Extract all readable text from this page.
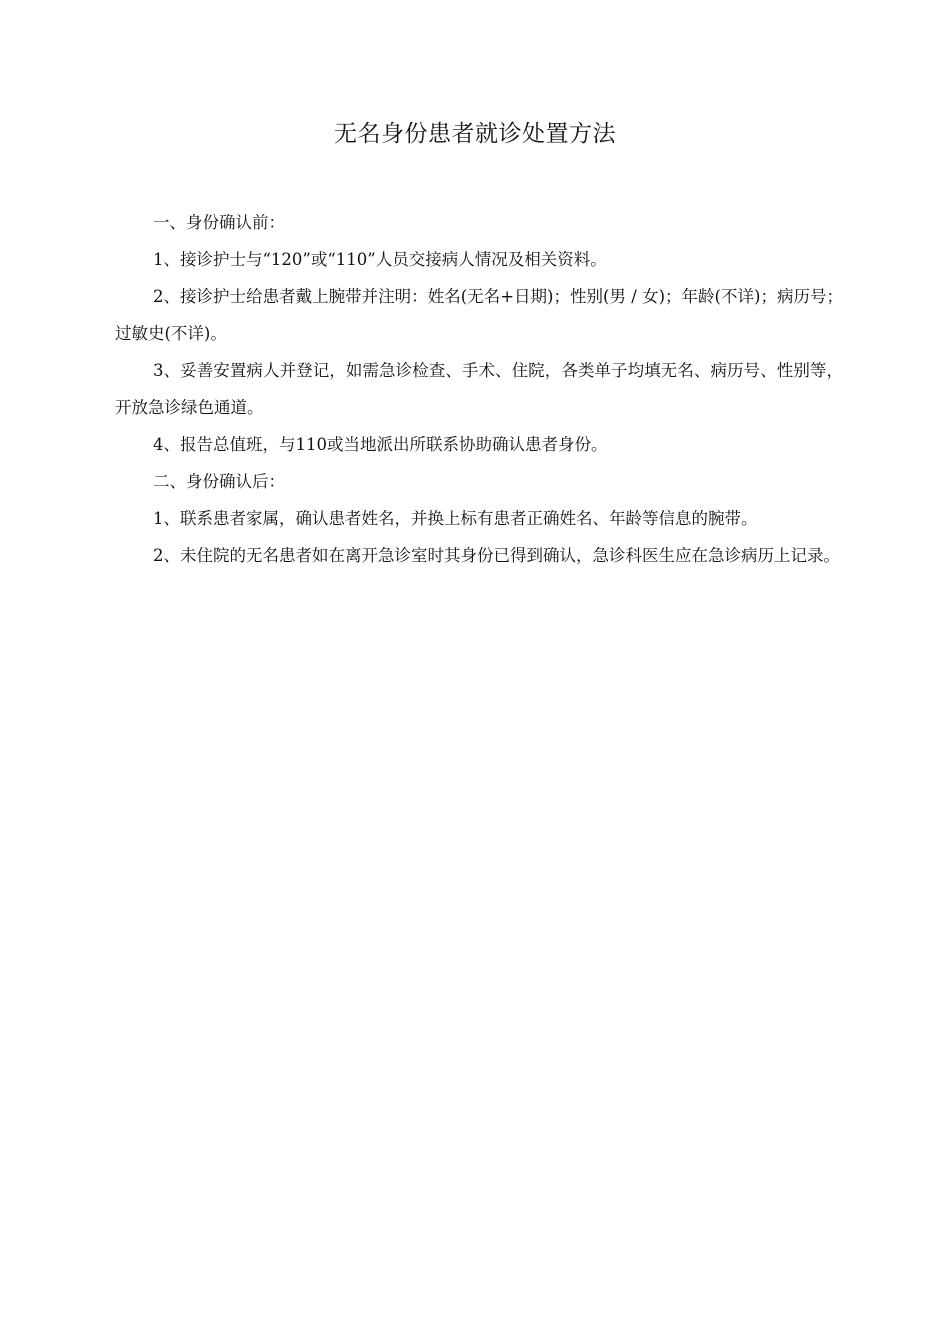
无名身份患者就诊处置方法

一、身份确认前：

1、接诊护士与“120”或“110”人员交接病人情况及相关资料。

2、接诊护士给患者戴上腕带并注明：姓名(无名+日期)；性别(男 / 女)；年龄(不详)；病历号；过敏史(不详)。

3、妥善安置病人并登记，如需急诊检查、手术、住院，各类单子均填无名、病历号、性别等，开放急诊绿色通道。

4、报告总值班，与110或当地派出所联系协助确认患者身份。

二、身份确认后：

1、联系患者家属，确认患者姓名，并换上标有患者正确姓名、年龄等信息的腕带。

2、未住院的无名患者如在离开急诊室时其身份已得到确认，急诊科医生应在急诊病历上记录。
